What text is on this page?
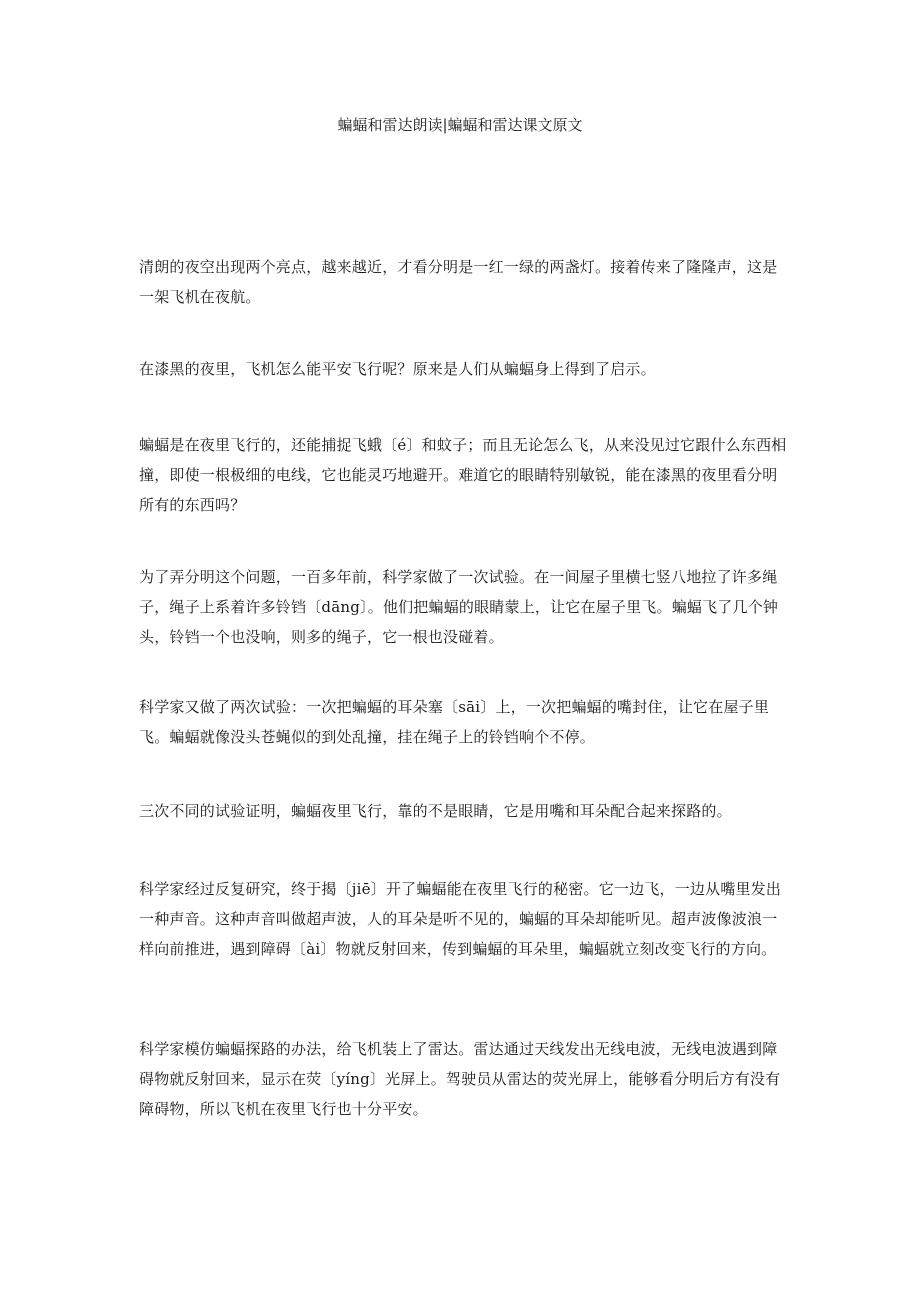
蝙蝠和雷达朗读|蝙蝠和雷达课文原文

清朗的夜空出现两个亮点，越来越近，才看分明是一红一绿的两盏灯。接着传来了隆隆声，这是一架飞机在夜航。

在漆黑的夜里，飞机怎么能平安飞行呢？原来是人们从蝙蝠身上得到了启示。

蝙蝠是在夜里飞行的，还能捕捉飞蛾〔é〕和蚊子；而且无论怎么飞，从来没见过它跟什么东西相撞，即使一根极细的电线，它也能灵巧地避开。难道它的眼睛特别敏锐，能在漆黑的夜里看分明所有的东西吗？

为了弄分明这个问题，一百多年前，科学家做了一次试验。在一间屋子里横七竖八地拉了许多绳子，绳子上系着许多铃铛〔dāng〕。他们把蝙蝠的眼睛蒙上，让它在屋子里飞。蝙蝠飞了几个钟头，铃铛一个也没响，则多的绳子，它一根也没碰着。

科学家又做了两次试验：一次把蝙蝠的耳朵塞〔sāi〕上，一次把蝙蝠的嘴封住，让它在屋子里飞。蝙蝠就像没头苍蝇似的到处乱撞，挂在绳子上的铃铛响个不停。

三次不同的试验证明，蝙蝠夜里飞行，靠的不是眼睛，它是用嘴和耳朵配合起来探路的。

科学家经过反复研究，终于揭〔jiē〕开了蝙蝠能在夜里飞行的秘密。它一边飞，一边从嘴里发出一种声音。这种声音叫做超声波，人的耳朵是听不见的，蝙蝠的耳朵却能听见。超声波像波浪一样向前推进，遇到障碍〔ài〕物就反射回来，传到蝙蝠的耳朵里，蝙蝠就立刻改变飞行的方向。

科学家模仿蝙蝠探路的办法，给飞机装上了雷达。雷达通过天线发出无线电波，无线电波遇到障碍物就反射回来，显示在荧〔yíng〕光屏上。驾驶员从雷达的荧光屏上，能够看分明后方有没有障碍物，所以飞机在夜里飞行也十分平安。
